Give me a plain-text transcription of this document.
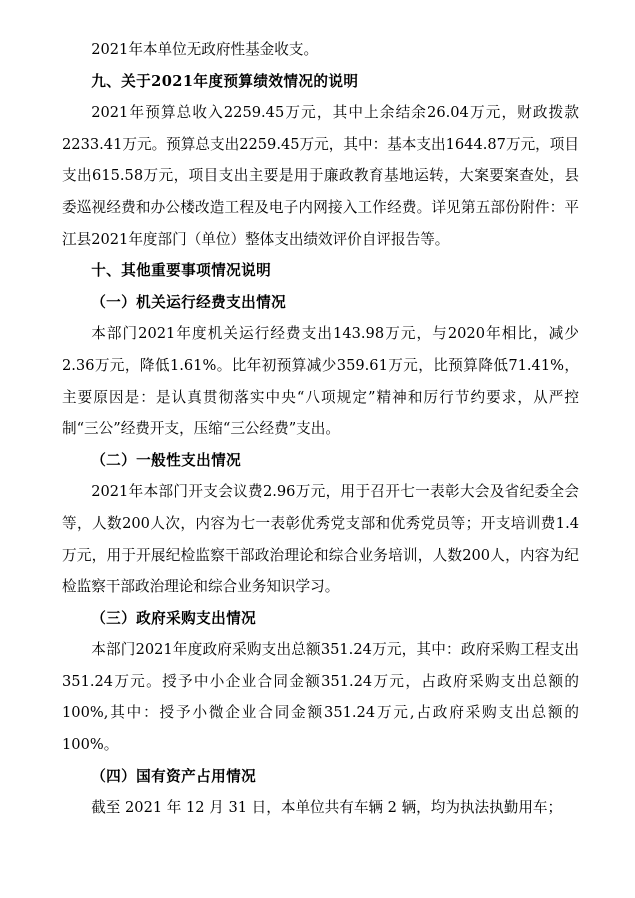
2021年本单位无政府性基金收支。

九、关于2021年度预算绩效情况的说明

2021年预算总收入2259.45万元，其中上余结余26.04万元，财政拨款2233.41万元。预算总支出2259.45万元，其中：基本支出1644.87万元，项目支出615.58万元，项目支出主要是用于廉政教育基地运转，大案要案查处，县委巡视经费和办公楼改造工程及电子内网接入工作经费。详见第五部份附件：平江县2021年度部门（单位）整体支出绩效评价自评报告等。

十、其他重要事项情况说明

（一）机关运行经费支出情况

本部门2021年度机关运行经费支出143.98万元，与2020年相比，减少2.36万元，降低1.61%。比年初预算减少359.61万元，比预算降低71.41%，主要原因是：是认真贯彻落实中央“八项规定”精神和厉行节约要求，从严控制“三公”经费开支，压缩“三公经费”支出。

（二）一般性支出情况

2021年本部门开支会议费2.96万元，用于召开七一表彰大会及省纪委全会等，人数200人次，内容为七一表彰优秀党支部和优秀党员等；开支培训费1.4万元，用于开展纪检监察干部政治理论和综合业务培训，人数200人，内容为纪检监察干部政治理论和综合业务知识学习。

（三）政府采购支出情况

本部门2021年度政府采购支出总额351.24万元，其中：政府采购工程支出351.24万元。授予中小企业合同金额351.24万元，占政府采购支出总额的100%,其中：授予小微企业合同金额351.24万元,占政府采购支出总额的100%。

（四）国有资产占用情况

截至 2021 年 12 月 31 日，本单位共有车辆 2 辆，均为执法执勤用车；
